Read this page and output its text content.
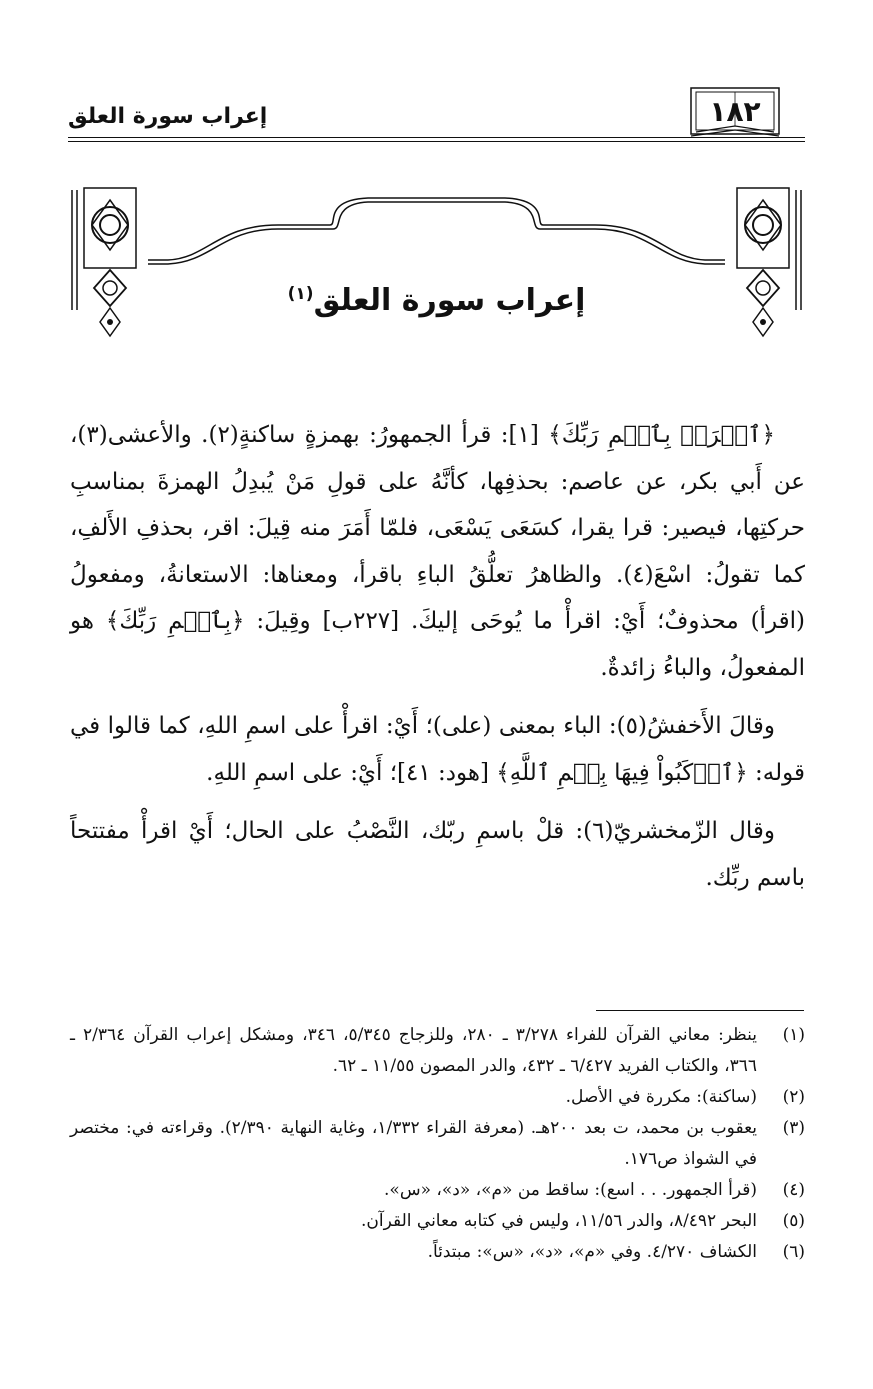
إعراب سورة العلق	١٨٢
إعراب سورة العلق$^{(١)}$

﴿ٱقۡرَأۡ بِٱسۡمِ رَبِّكَ﴾ [١]: قرأ الجمهورُ: بهمزةٍ ساكنةٍ(٢). والأعشى(٣)، عن أَبي بكر، عن عاصم: بحذفِها، كأنَّهُ على قولِ مَنْ يُبدِلُ الهمزةَ بمناسبِ حركتِها، فيصير: قرا يقرا، كسَعَى يَسْعَى، فلمّا أَمَرَ منه قِيلَ: اقر، بحذفِ الأَلفِ، كما تقولُ: اسْعَ(٤). والظاهرُ تعلُّقُ الباءِ باقرأ، ومعناها: الاستعانةُ، ومفعولُ (اقرأ) محذوفٌ؛ أَيْ: اقرأْ ما يُوحَى إليكَ. [٢٢٧ب] وقِيلَ: ﴿بِٱسۡمِ رَبِّكَ﴾ هو المفعولُ، والباءُ زائدةٌ.

وقالَ الأَخفشُ(٥): الباء بمعنى (على)؛ أَيْ: اقرأْ على اسمِ اللهِ، كما قالوا في قوله: ﴿ٱرۡكَبُواْ فِيهَا بِسۡمِ ٱللَّهِ﴾ [هود: ٤١]؛ أَيْ: على اسمِ اللهِ.

وقال الزّمخشريّ(٦): قلْ باسمِ ربّك، النَّصْبُ على الحال؛ أَيْ اقرأْ مفتتحاً باسم ربِّك.

(١)
ينظر: معاني القرآن للفراء ٣/٢٧٨ ـ ٢٨٠، وللزجاج ٥/٣٤٥، ٣٤٦، ومشكل إعراب القرآن ٢/٣٦٤ ـ ٣٦٦، والكتاب الفريد ٦/٤٢٧ ـ ٤٣٢، والدر المصون ١١/٥٥ ـ ٦٢.
(٢)
(ساكنة): مكررة في الأصل.
(٣)
يعقوب بن محمد، ت بعد ٢٠٠هـ. (معرفة القراء ١/٣٣٢، وغاية النهاية ٢/٣٩٠). وقراءته في: مختصر في الشواذ ص١٧٦.
(٤)
(قرأ الجمهور. . . اسع): ساقط من «م»، «د»، «س».
(٥)
البحر ٨/٤٩٢، والدر ١١/٥٦، وليس في كتابه معاني القرآن.
(٦)
الكشاف ٤/٢٧٠. وفي «م»، «د»، «س»: مبتدئاً.
